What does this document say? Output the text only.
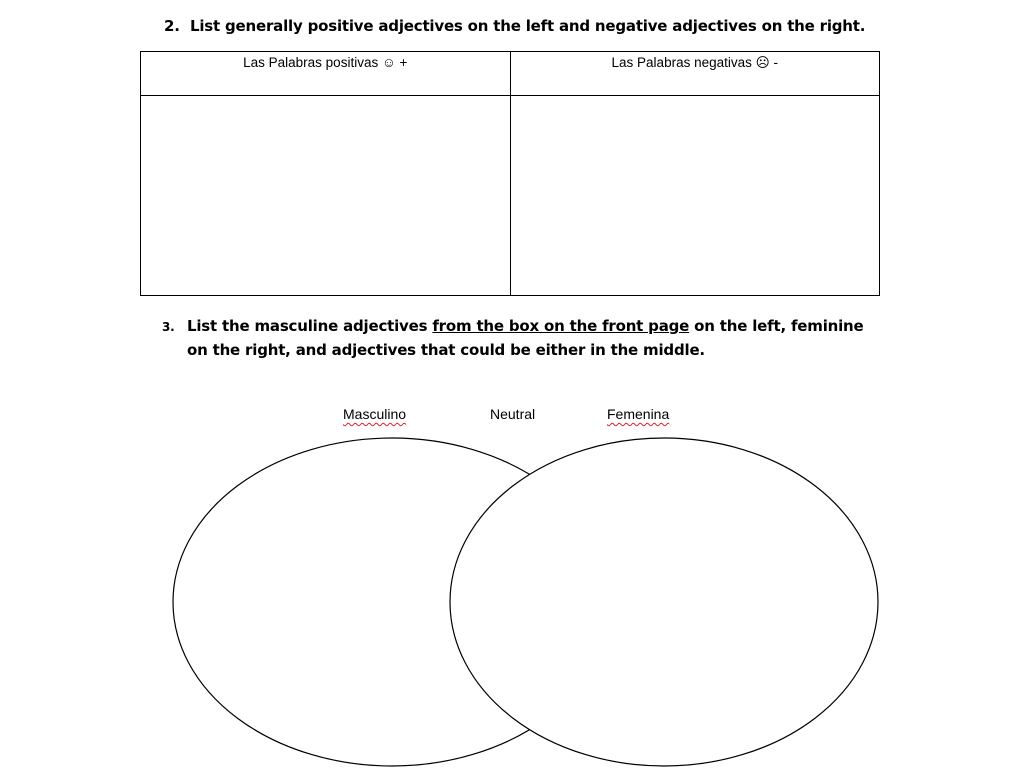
2. List generally positive adjectives on the left and negative adjectives on the right.
Las Palabras positivas ☺ +	Las Palabras negativas ☹ -

3. List the masculine adjectives from the box on the front page on the left, feminine
on the right, and adjectives that could be either in the middle.
Masculino	Neutral	Femenina
